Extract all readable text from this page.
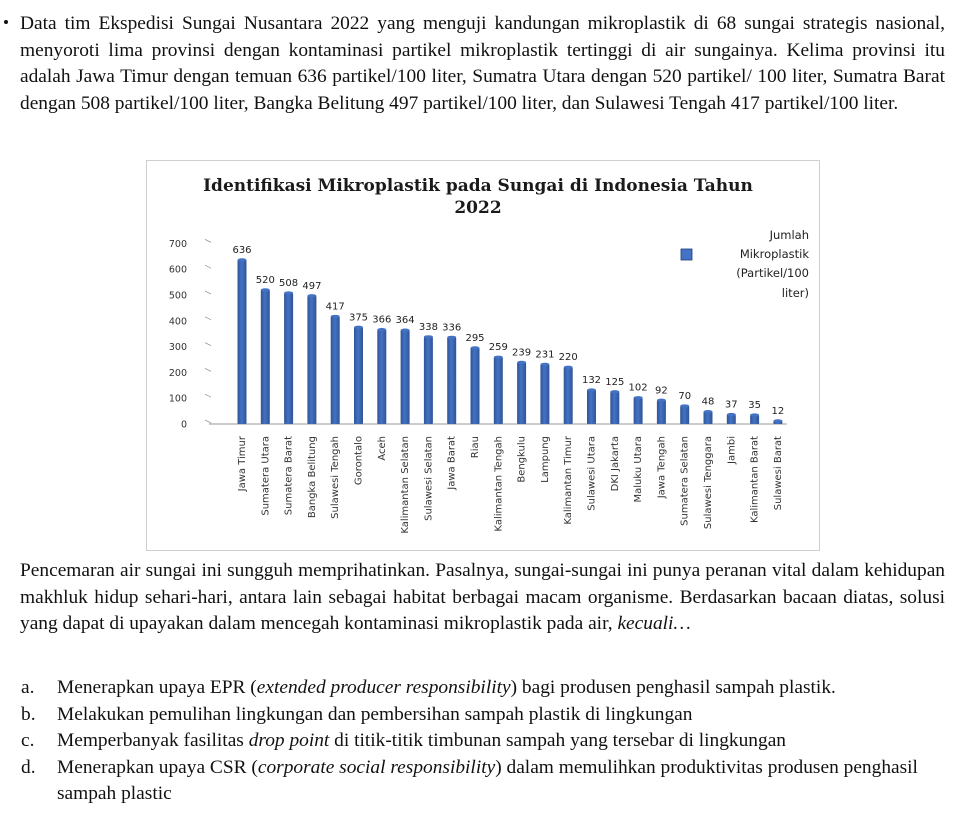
Data tim Ekspedisi Sungai Nusantara 2022 yang menguji kandungan mikroplastik di 68 sungai strategis nasional, menyoroti lima provinsi dengan kontaminasi partikel mikroplastik tertinggi di air sungainya. Kelima provinsi itu adalah Jawa Timur dengan temuan 636 partikel/100 liter, Sumatra Utara dengan 520 partikel/ 100 liter, Sumatra Barat dengan 508 partikel/100 liter, Bangka Belitung 497 partikel/100 liter, dan Sulawesi Tengah 417 partikel/100 liter.

Identifikasi Mikroplastik pada Sungai di Indonesia Tahun
2022
0
100
200
300
400
500
600
700
636
Jawa Timur
520
Sumatera Utara
508
Sumatera Barat
497
Bangka Belitung
417
Sulawesi Tengah
375
Gorontalo
366
Aceh
364
Kalimantan Selatan
338
Sulawesi Selatan
336
Jawa Barat
295
Riau
259
Kalimantan Tengah
239
Bengkulu
231
Lampung
220
Kalimantan Timur
132
Sulawesi Utara
125
DKI Jakarta
102
Maluku Utara
92
Jawa Tengah
70
Sumatera Selatan
48
Sulawesi Tenggara
37
Jambi
35
Kalimantan Barat
12
Sulawesi Barat
Jumlah
Mikroplastik
(Partikel/100
liter)

Pencemaran air sungai ini sungguh memprihatinkan. Pasalnya, sungai-sungai ini punya peranan vital dalam kehidupan makhluk hidup sehari-hari, antara lain sebagai habitat berbagai macam organisme. Berdasarkan bacaan diatas, solusi yang dapat di upayakan dalam mencegah kontaminasi mikroplastik pada air, kecuali…

a.	Menerapkan upaya EPR (extended producer responsibility) bagi produsen penghasil sampah plastik.
b.	Melakukan pemulihan lingkungan dan pembersihan sampah plastik di lingkungan
c.	Memperbanyak fasilitas drop point di titik-titik timbunan sampah yang tersebar di lingkungan
d.	Menerapkan upaya CSR (corporate social responsibility) dalam memulihkan produktivitas produsen penghasil sampah plastic
